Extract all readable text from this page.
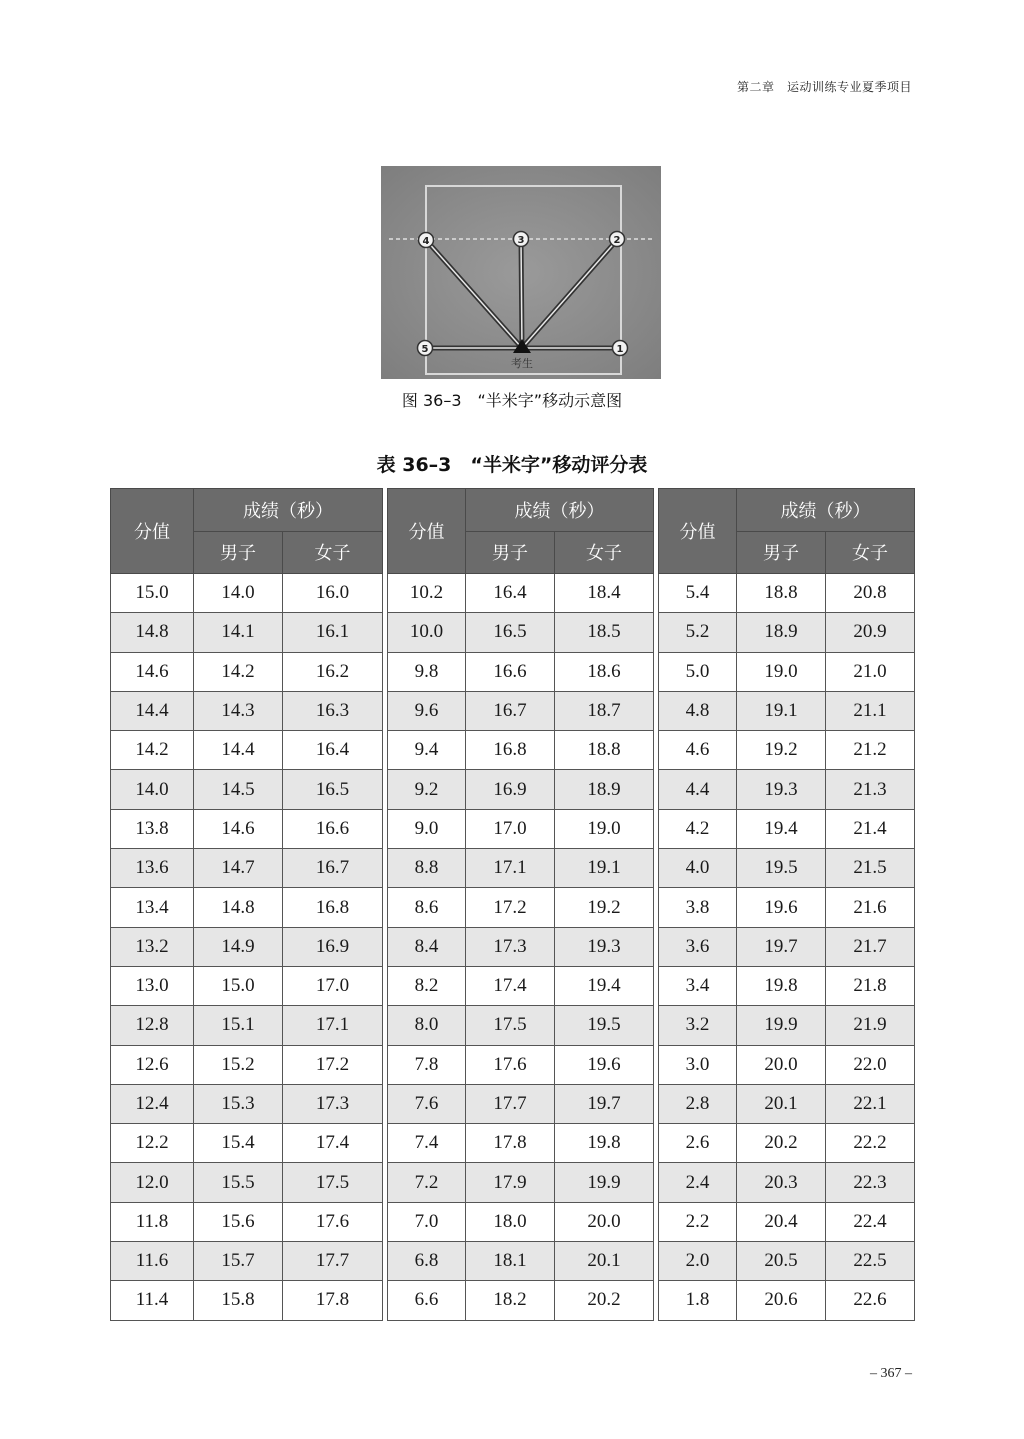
第二章　运动训练专业夏季项目
4	3	2
5	1
考生
图 36–3　“半米字”移动示意图
表 36–3　“半米字”移动评分表
分值	成绩（秒）	
	男子	女子
15.0	14.0	16.0
14.8	14.1	16.1
14.6	14.2	16.2
14.4	14.3	16.3
14.2	14.4	16.4
14.0	14.5	16.5
13.8	14.6	16.6
13.6	14.7	16.7
13.4	14.8	16.8
13.2	14.9	16.9
13.0	15.0	17.0
12.8	15.1	17.1
12.6	15.2	17.2
12.4	15.3	17.3
12.2	15.4	17.4
12.0	15.5	17.5
11.8	15.6	17.6
11.6	15.7	17.7
11.4	15.8	17.8
分值	成绩（秒）	
	男子	女子
10.2	16.4	18.4
10.0	16.5	18.5
9.8	16.6	18.6
9.6	16.7	18.7
9.4	16.8	18.8
9.2	16.9	18.9
9.0	17.0	19.0
8.8	17.1	19.1
8.6	17.2	19.2
8.4	17.3	19.3
8.2	17.4	19.4
8.0	17.5	19.5
7.8	17.6	19.6
7.6	17.7	19.7
7.4	17.8	19.8
7.2	17.9	19.9
7.0	18.0	20.0
6.8	18.1	20.1
6.6	18.2	20.2
分值	成绩（秒）	
	男子	女子
5.4	18.8	20.8
5.2	18.9	20.9
5.0	19.0	21.0
4.8	19.1	21.1
4.6	19.2	21.2
4.4	19.3	21.3
4.2	19.4	21.4
4.0	19.5	21.5
3.8	19.6	21.6
3.6	19.7	21.7
3.4	19.8	21.8
3.2	19.9	21.9
3.0	20.0	22.0
2.8	20.1	22.1
2.6	20.2	22.2
2.4	20.3	22.3
2.2	20.4	22.4
2.0	20.5	22.5
1.8	20.6	22.6
– 367 –
